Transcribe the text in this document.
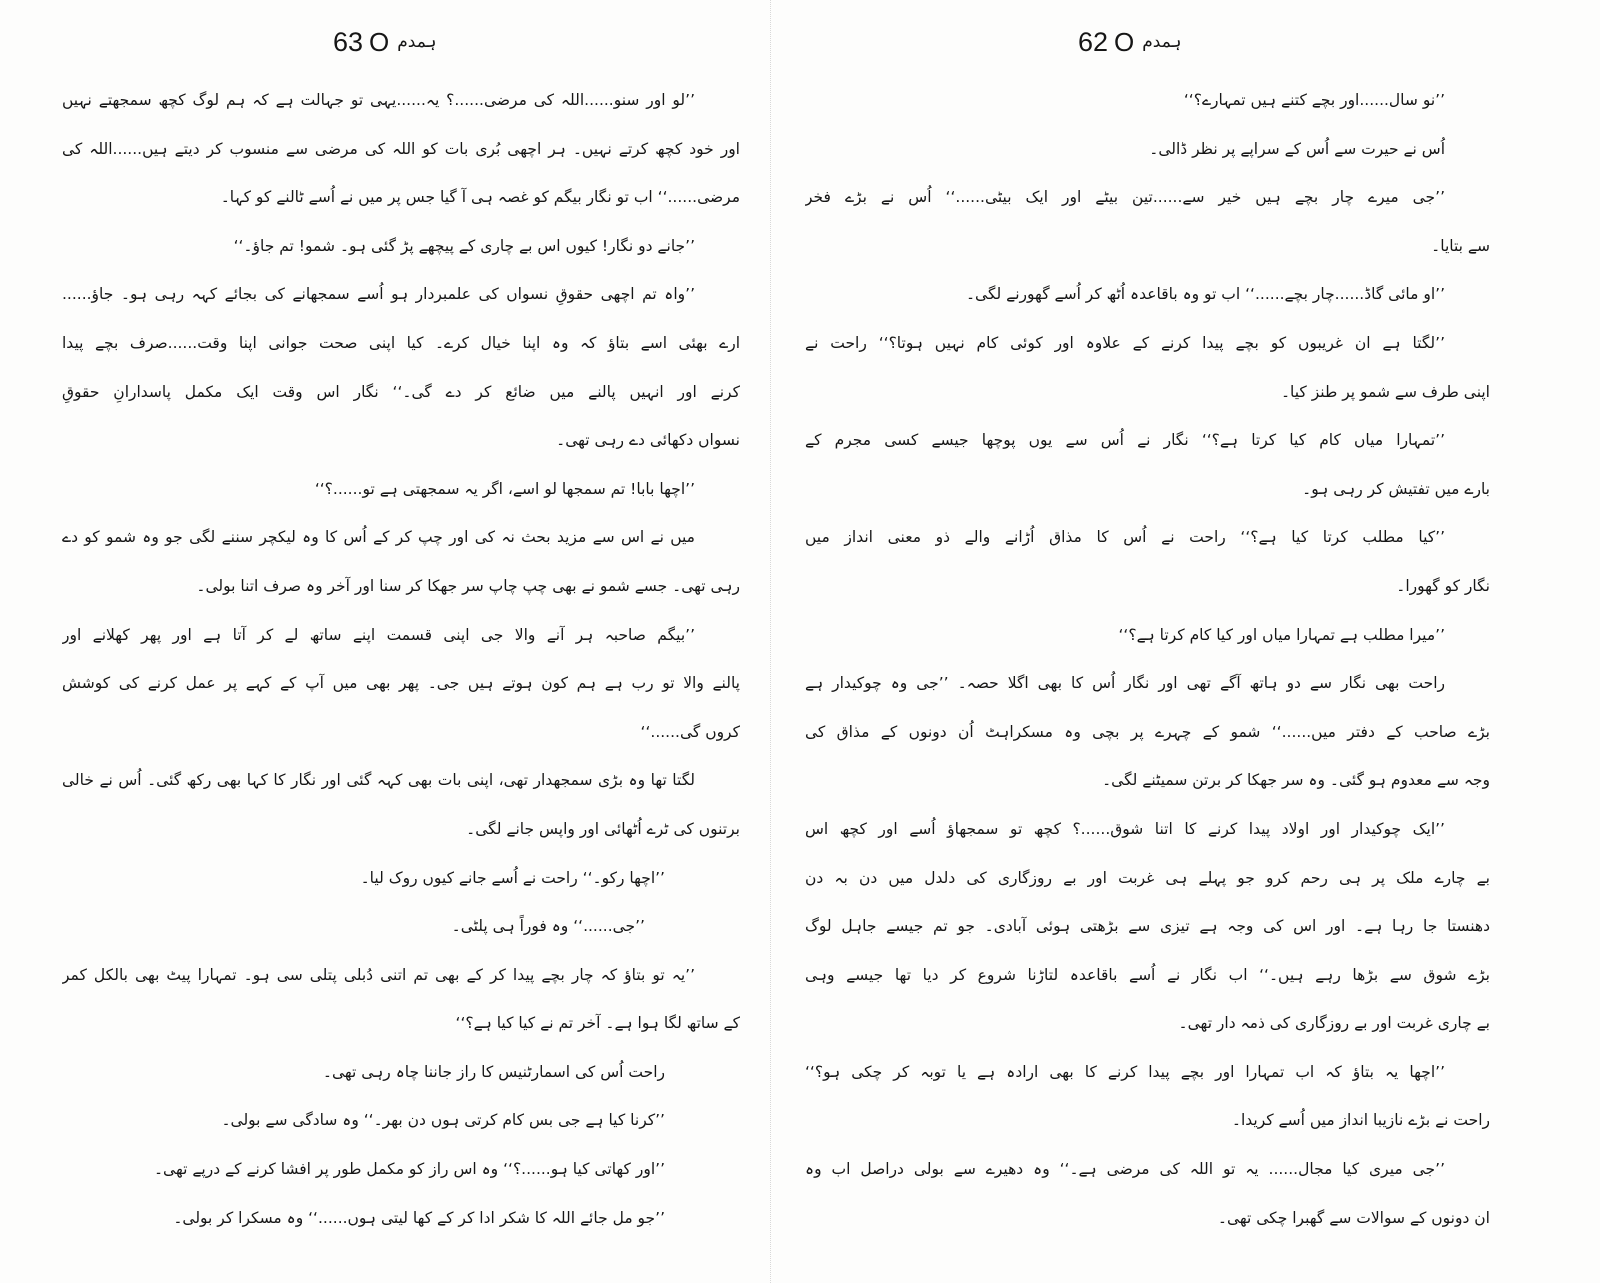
63 O ہمدم
’’لو اور سنو......اللہ کی مرضی......؟ یہ......یہی تو جہالت ہے کہ ہم لوگ کچھ سمجھتے نہیں
اور خود کچھ کرتے نہیں۔ ہر اچھی بُری بات کو اللہ کی مرضی سے منسوب کر دیتے ہیں......اللہ کی
مرضی......‘‘ اب تو نگار بیگم کو غصہ ہی آ گیا جس پر میں نے اُسے ٹالنے کو کہا۔
’’جانے دو نگار! کیوں اس بے چاری کے پیچھے پڑ گئی ہو۔ شمو! تم جاؤ۔‘‘
’’واہ تم اچھی حقوقِ نسواں کی علمبردار ہو اُسے سمجھانے کی بجائے کہہ رہی ہو۔ جاؤ......
ارے بھئی اسے بتاؤ کہ وہ اپنا خیال کرے۔ کیا اپنی صحت جوانی اپنا وقت......صرف بچے پیدا
کرنے اور انہیں پالنے میں ضائع کر دے گی۔‘‘ نگار اس وقت ایک مکمل پاسدارانِ حقوقِ
نسواں دکھائی دے رہی تھی۔
’’اچھا بابا! تم سمجھا لو اسے، اگر یہ سمجھتی ہے تو......؟‘‘
میں نے اس سے مزید بحث نہ کی اور چپ کر کے اُس کا وہ لیکچر سننے لگی جو وہ شمو کو دے
رہی تھی۔ جسے شمو نے بھی چپ چاپ سر جھکا کر سنا اور آخر وہ صرف اتنا بولی۔
’’بیگم صاحبہ ہر آنے والا جی اپنی قسمت اپنے ساتھ لے کر آتا ہے اور پھر کھلانے اور
پالنے والا تو رب ہے ہم کون ہوتے ہیں جی۔ پھر بھی میں آپ کے کہے پر عمل کرنے کی کوشش
کروں گی......‘‘
لگتا تھا وہ بڑی سمجھدار تھی، اپنی بات بھی کہہ گئی اور نگار کا کہا بھی رکھ گئی۔ اُس نے خالی
برتنوں کی ٹرے اُٹھائی اور واپس جانے لگی۔
’’اچھا رکو۔‘‘ راحت نے اُسے جانے کیوں روک لیا۔
’’جی......‘‘ وہ فوراً ہی پلٹی۔
’’یہ تو بتاؤ کہ چار بچے پیدا کر کے بھی تم اتنی دُبلی پتلی سی ہو۔ تمہارا پیٹ بھی بالکل کمر
کے ساتھ لگا ہوا ہے۔ آخر تم نے کیا کیا ہے؟‘‘
راحت اُس کی اسمارٹنیس کا راز جاننا چاہ رہی تھی۔
’’کرنا کیا ہے جی بس کام کرتی ہوں دن بھر۔‘‘ وہ سادگی سے بولی۔
’’اور کھاتی کیا ہو......؟‘‘ وہ اس راز کو مکمل طور پر افشا کرنے کے درپے تھی۔
’’جو مل جائے اللہ کا شکر ادا کر کے کھا لیتی ہوں......‘‘ وہ مسکرا کر بولی۔
62 O ہمدم
’’نو سال......اور بچے کتنے ہیں تمہارے؟‘‘
اُس نے حیرت سے اُس کے سراپے پر نظر ڈالی۔
’’جی میرے چار بچے ہیں خیر سے......تین بیٹے اور ایک بیٹی......‘‘ اُس نے بڑے فخر
سے بتایا۔
’’او مائی گاڈ......چار بچے......‘‘ اب تو وہ باقاعدہ اُٹھ کر اُسے گھورنے لگی۔
’’لگتا ہے ان غریبوں کو بچے پیدا کرنے کے علاوہ اور کوئی کام نہیں ہوتا؟‘‘ راحت نے
اپنی طرف سے شمو پر طنز کیا۔
’’تمہارا میاں کام کیا کرتا ہے؟‘‘ نگار نے اُس سے یوں پوچھا جیسے کسی مجرم کے
بارے میں تفتیش کر رہی ہو۔
’’کیا مطلب کرتا کیا ہے؟‘‘ راحت نے اُس کا مذاق اُڑانے والے ذو معنی انداز میں
نگار کو گھورا۔
’’میرا مطلب ہے تمہارا میاں اور کیا کام کرتا ہے؟‘‘
راحت بھی نگار سے دو ہاتھ آگے تھی اور نگار اُس کا بھی اگلا حصہ۔ ’’جی وہ چوکیدار ہے
بڑے صاحب کے دفتر میں......‘‘ شمو کے چہرے پر بچی وہ مسکراہٹ اُن دونوں کے مذاق کی
وجہ سے معدوم ہو گئی۔ وہ سر جھکا کر برتن سمیٹنے لگی۔
’’ایک چوکیدار اور اولاد پیدا کرنے کا اتنا شوق......؟ کچھ تو سمجھاؤ اُسے اور کچھ اس
بے چارے ملک پر ہی رحم کرو جو پہلے ہی غربت اور بے روزگاری کی دلدل میں دن بہ دن
دھنستا جا رہا ہے۔ اور اس کی وجہ ہے تیزی سے بڑھتی ہوئی آبادی۔ جو تم جیسے جاہل لوگ
بڑے شوق سے بڑھا رہے ہیں۔‘‘ اب نگار نے اُسے باقاعدہ لتاڑنا شروع کر دیا تھا جیسے وہی
بے چاری غربت اور بے روزگاری کی ذمہ دار تھی۔
’’اچھا یہ بتاؤ کہ اب تمہارا اور بچے پیدا کرنے کا بھی ارادہ ہے یا توبہ کر چکی ہو؟‘‘
راحت نے بڑے نازیبا انداز میں اُسے کریدا۔
’’جی میری کیا مجال...... یہ تو اللہ کی مرضی ہے۔‘‘ وہ دھیرے سے بولی دراصل اب وہ
ان دونوں کے سوالات سے گھبرا چکی تھی۔
